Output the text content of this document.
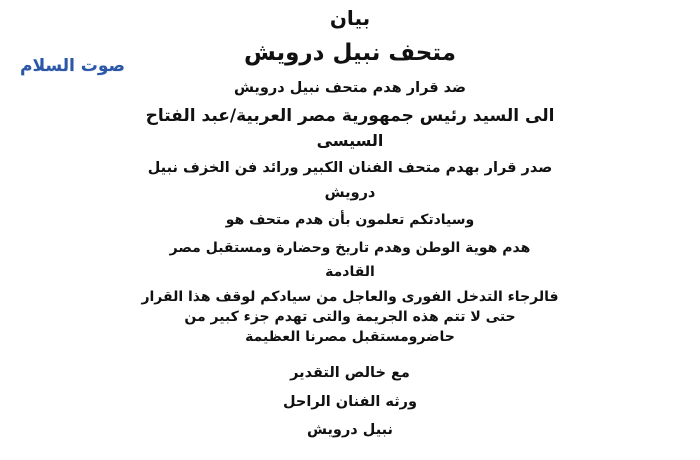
صوت السلام
بيان
متحف نبيل درويش
ضد قرار هدم متحف نبيل درويش
الى السيد رئيس جمهورية مصر العربية/عبد الفتاح
السيسى
صدر قرار بهدم متحف الفنان الكبير ورائد فن الخزف نبيل
درويش
وسيادتكم تعلمون بأن هدم متحف هو
هدم هوية الوطن وهدم تاريخ وحضارة ومستقبل مصر
القادمة
فالرجاء التدخل الفورى والعاجل من سيادكم لوقف هذا القرار
حتى لا تتم هذه الجريمة والتى تهدم جزء كبير من
حاضرومستقبل مصرنا العظيمة
مع خالص التقدير
ورثه الفنان الراحل
نبيل درويش
